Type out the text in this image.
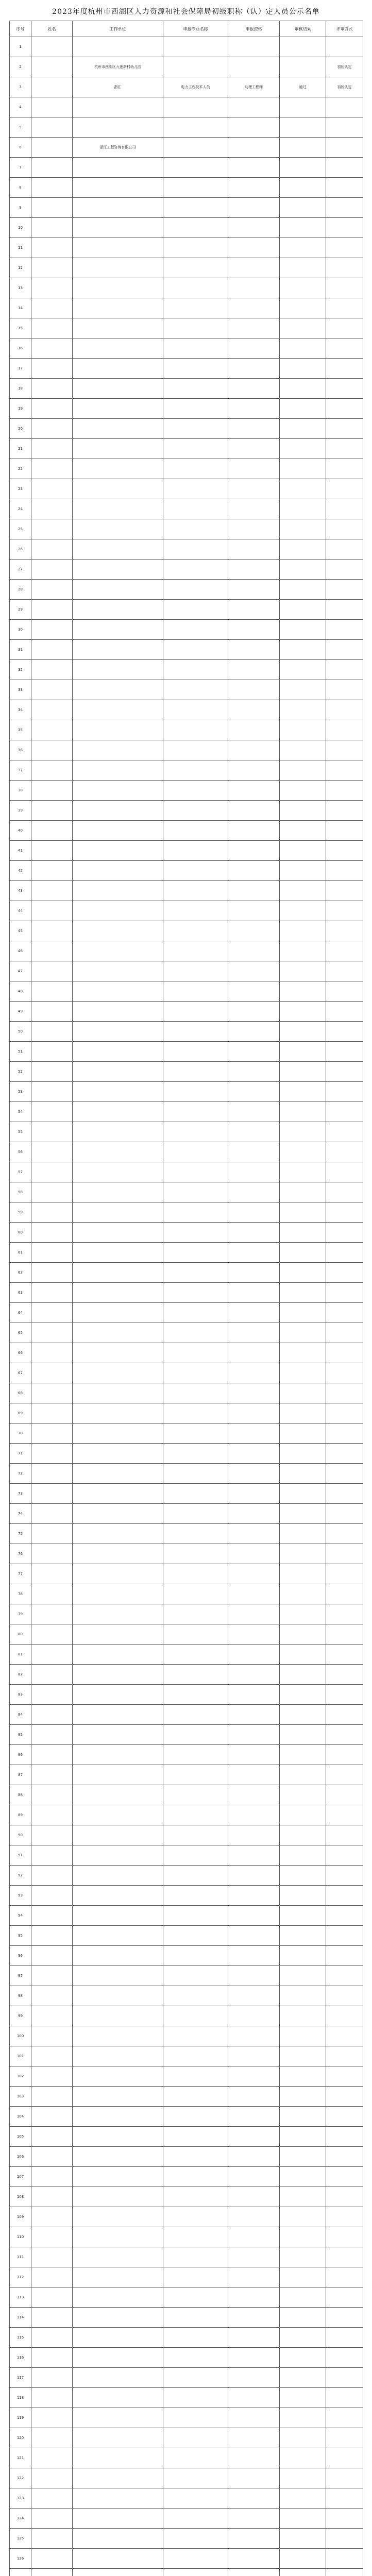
2023年度杭州市西湖区人力资源和社会保障局初级职称（认）定人员公示名单
序号	姓名	工作单位	申报专业名称	申报资格	审核结果	评审方式
1						
2		杭州市西湖区九莲新村幼儿园				初始认定
3		浙江	电力工程技术人员	助理工程师	通过	初始认定
4						
5						
6		浙江工程咨询有限公司				
7						
8						
9						
10						
11						
12						
13						
14						
15						
16						
17						
18						
19						
20						
21						
22						
23						
24						
25						
26						
27						
28						
29						
30						
31						
32						
33						
34						
35						
36						
37						
38						
39						
40						
41						
42						
43						
44						
45						
46						
47						
48						
49						
50						
51						
52						
53						
54						
55						
56						
57						
58						
59						
60						
61						
62						
63						
64						
65						
66						
67						
68						
69						
70						
71						
72						
73						
74						
75						
76						
77						
78						
79						
80						
81						
82						
83						
84						
85						
86						
87						
88						
89						
90						
91						
92						
93						
94						
95						
96						
97						
98						
99						
100						
101						
102						
103						
104						
105						
106						
107						
108						
109						
110						
111						
112						
113						
114						
115						
116						
117						
118						
119						
120						
121						
122						
123						
124						
125						
126						
